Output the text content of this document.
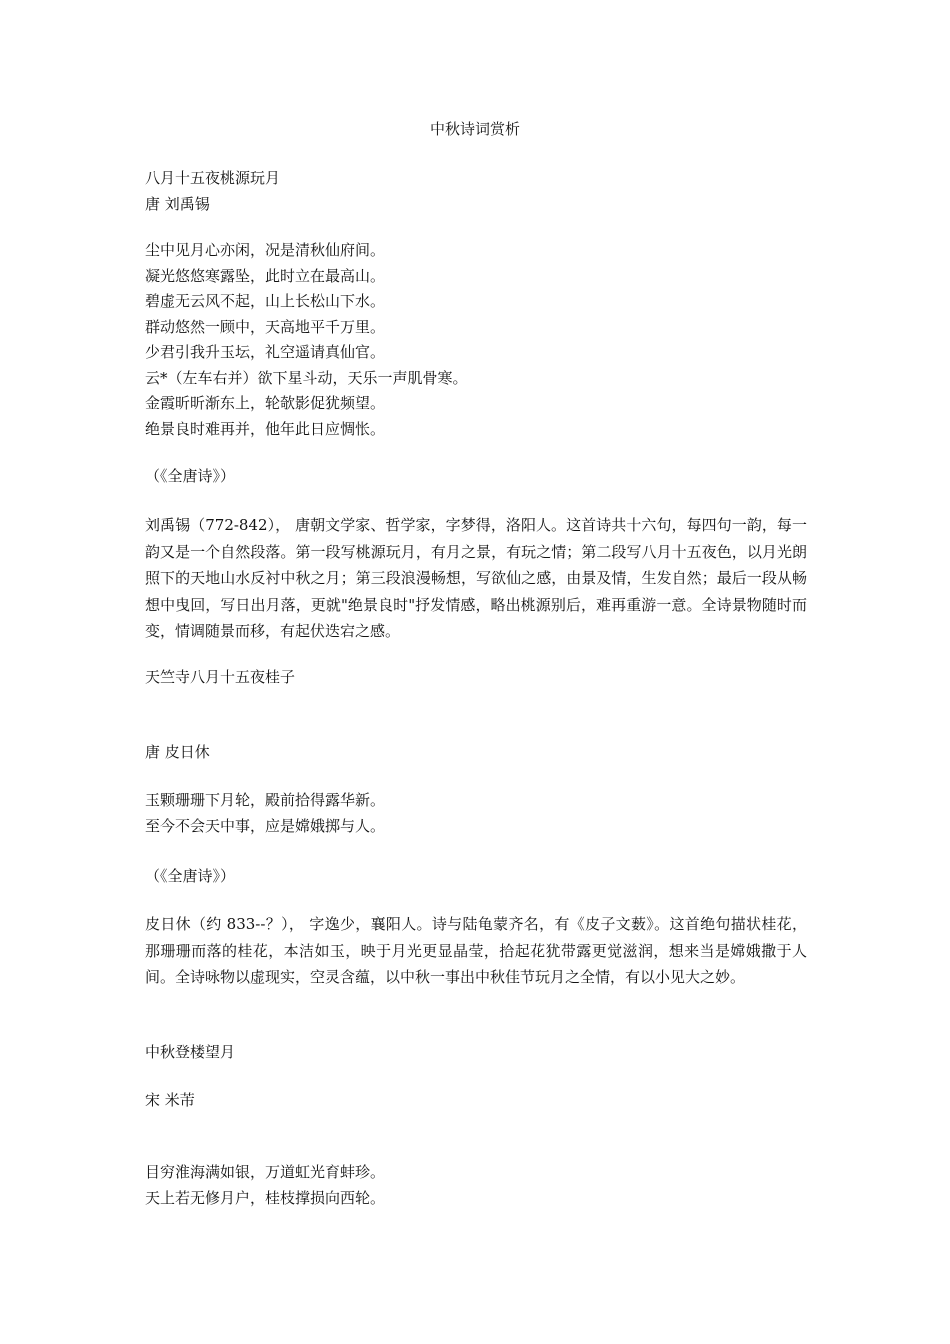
中秋诗词赏析
八月十五夜桃源玩月
唐 刘禹锡
尘中见月心亦闲，况是清秋仙府间。
凝光悠悠寒露坠，此时立在最高山。
碧虚无云风不起，山上长松山下水。
群动悠然一顾中，天高地平千万里。
少君引我升玉坛，礼空遥请真仙官。
云*（左车右并）欲下星斗动，天乐一声肌骨寒。
金霞昕昕渐东上，轮欹影促犹频望。
绝景良时难再并，他年此日应惆怅。
（《全唐诗》）
刘禹锡（772-842）， 唐朝文学家、哲学家，字梦得，洛阳人。这首诗共十六句，每四句一韵，每一韵又是一个自然段落。第一段写桃源玩月，有月之景，有玩之情；第二段写八月十五夜色，以月光朗照下的天地山水反衬中秋之月；第三段浪漫畅想，写欲仙之感，由景及情，生发自然；最后一段从畅想中曳回，写日出月落，更就"绝景良时"抒发情感，略出桃源别后，难再重游一意。全诗景物随时而变，情调随景而移，有起伏迭宕之感。
天竺寺八月十五夜桂子
唐 皮日休
玉颗珊珊下月轮，殿前拾得露华新。
至今不会天中事，应是嫦娥掷与人。
（《全唐诗》）
皮日休（约 833--？）， 字逸少，襄阳人。诗与陆龟蒙齐名，有《皮子文薮》。这首绝句描状桂花，那珊珊而落的桂花，本洁如玉，映于月光更显晶莹，拾起花犹带露更觉滋润，想来当是嫦娥撒于人间。全诗咏物以虚现实，空灵含蕴，以中秋一事出中秋佳节玩月之全情，有以小见大之妙。
中秋登楼望月
宋 米芾
目穷淮海满如银，万道虹光育蚌珍。
天上若无修月户，桂枝撑损向西轮。
